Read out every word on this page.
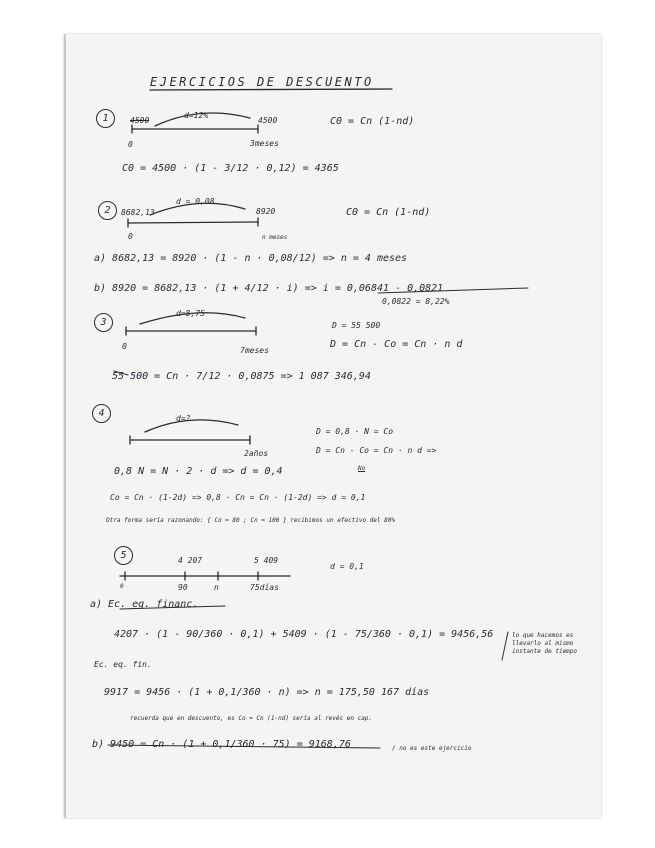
EJERCICIOS DE DESCUENTO
1	d=12%
4500	4500
0	3meses
C0 = Cn (1-nd)
C0 = 4500 · (1 - 3/12 · 0,12) = 4365
2
d = 0,08
8682,13	8920
0	n meses
C0 = Cn (1-nd)
a) 8682,13 = 8920 · (1 - n · 0,08/12) => n = 4 meses
b) 8920 = 8682,13 · (1 + 4/12 · i) => i = 0,06841 - 0,0821
0,0822 = 8,22%
3
d=8,75
0	7meses
D = 55 500
D = Cn - Co = Cn · n d
55 500 = Cn · 7/12 · 0,0875 => 1 087 346,94
4	d=?
2años
D = 0,8 · N = Co
D = Cn - Co = Cn · n d =>
0,8 N = N · 2 · d => d = 0,4	No
Co = Cn · (1-2d) => 0,8 · Cn = Cn · (1-2d) => d = 0,1
Otra forma sería razonando: { Co = 80 ; Cn = 100 } recibimos un efectivo del 80%
5	4 207	5 409
d = 0,1
0	90	n	75días
a) Ec. eq. financ.
4207 · (1 - 90/360 · 0,1) + 5409 · (1 - 75/360 · 0,1) = 9456,56	lo que hacemos es llevarlo al mismo instante de tiempo
Ec. eq. fin.
9917 = 9456 · (1 + 0,1/360 · n) => n = 175,50 167 días
recuerda que en descuento, es Co = Cn (1-nd) sería al revés en cap.
b) 9450 = Cn · (1 + 0,1/360 · 75) = 9168,76	/ no es este ejercicio
